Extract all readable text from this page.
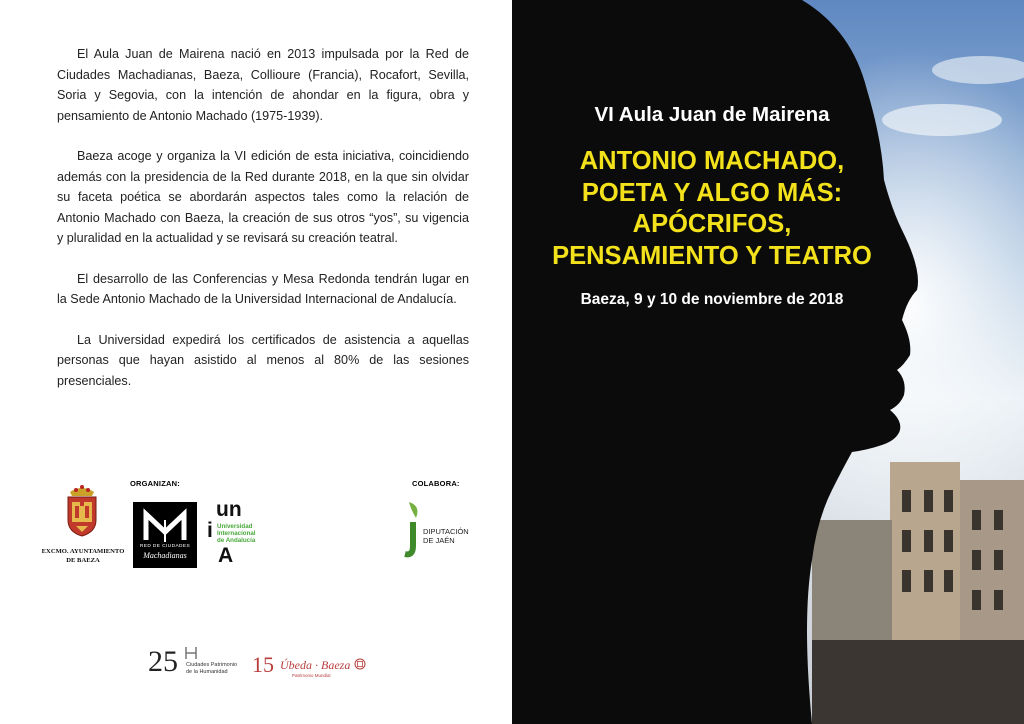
El Aula Juan de Mairena nació en 2013 impulsada por la Red de Ciudades Machadianas, Baeza, Collioure (Francia), Rocafort, Sevilla, Soria y Segovia, con la intención de ahondar en la figura, obra y pensamiento de Antonio Machado (1975-1939).

Baeza acoge y organiza la VI edición de esta iniciativa, coincidiendo además con la presidencia de la Red durante 2018, en la que sin olvidar su faceta poética se abordarán aspectos tales como la relación de Antonio Machado con Baeza, la creación de sus otros “yos”, su vigencia y pluralidad en la actualidad y se revisará su creación teatral.

El desarrollo de las Conferencias y Mesa Redonda tendrán lugar en la Sede Antonio Machado de la Universidad Internacional de Andalucía.

La Universidad expedirá los certificados de asistencia a aquellas personas que hayan asistido al menos al 80% de las sesiones presenciales.

ORGANIZAN:	COLABORA:
EXCMO. AYUNTAMIENTO
DE BAEZA
RED DE CIUDADES
Machadianas
un
i
A
Universidad
Internacional
de Andalucía
DIPUTACIÓN
DE JAÉN
25 Ciudades Patrimonio
de la Humanidad	15 Úbeda · Baeza
Patrimonio Mundial
VI Aula Juan de Mairena
ANTONIO MACHADO,
POETA Y ALGO MÁS:
APÓCRIFOS,
PENSAMIENTO Y TEATRO
Baeza, 9 y 10 de noviembre de 2018
Diseño: MIGUEL AGUDO
